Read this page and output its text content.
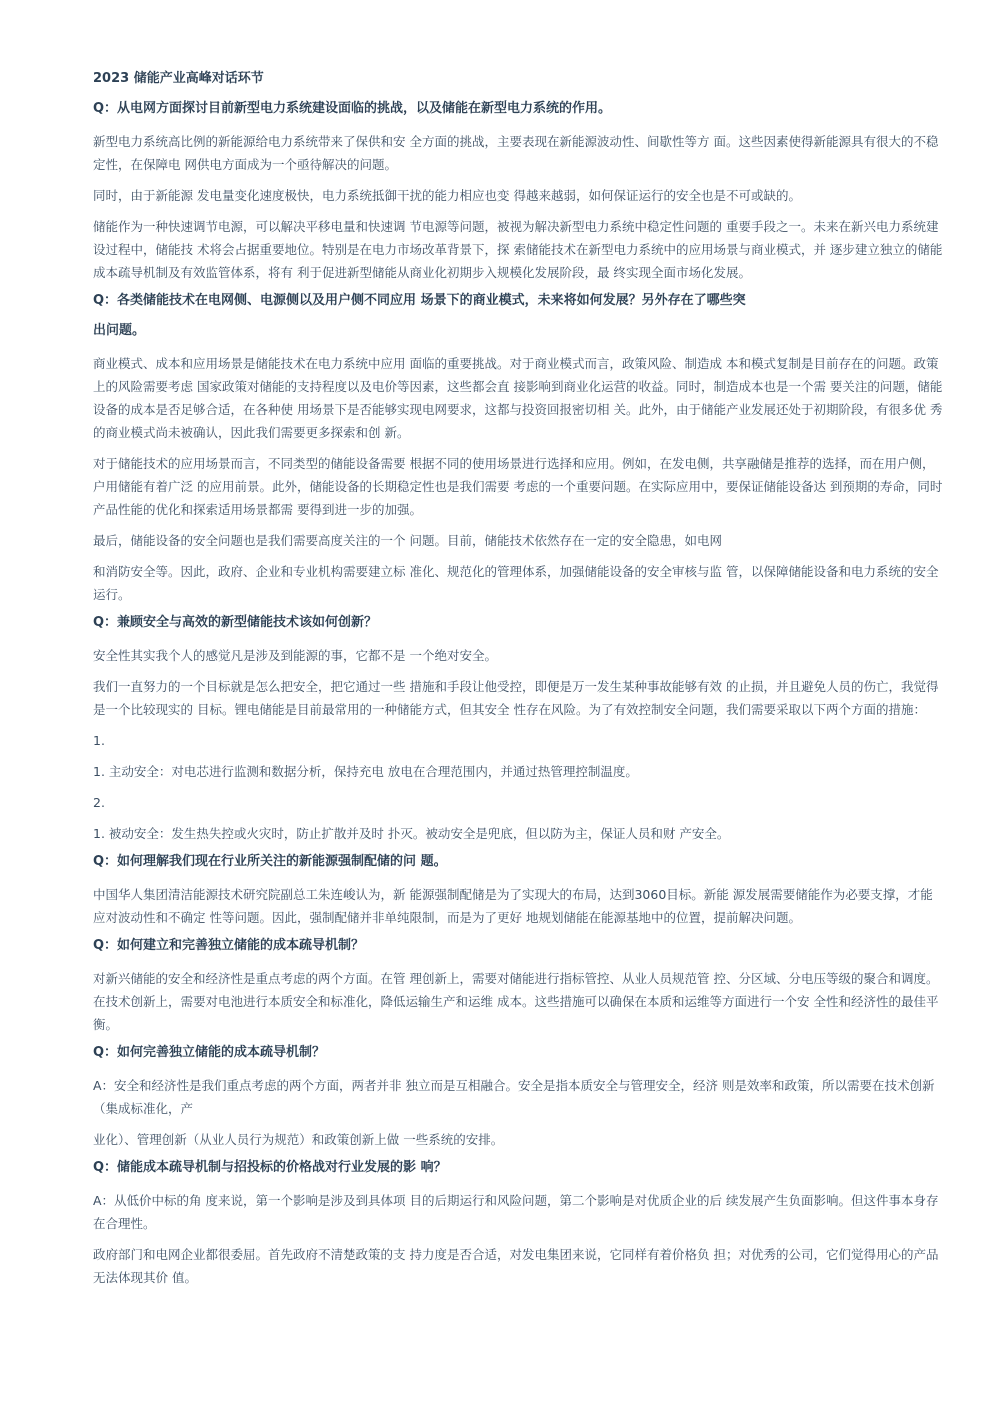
2023 储能产业高峰对话环节
Q：从电网方面探讨目前新型电力系统建设面临的挑战，以及储能在新型电力系统的作用。
新型电力系统高比例的新能源给电力系统带来了保供和安 全方面的挑战，主要表现在新能源波动性、间歇性等方 面。这些因素使得新能源具有很大的不稳定性，在保障电 网供电方面成为一个亟待解决的问题。
同时，由于新能源 发电量变化速度极快，电力系统抵御干扰的能力相应也变 得越来越弱，如何保证运行的安全也是不可或缺的。
储能作为一种快速调节电源，可以解决平移电量和快速调 节电源等问题，被视为解决新型电力系统中稳定性问题的 重要手段之一。未来在新兴电力系统建设过程中，储能技 术将会占据重要地位。特别是在电力市场改革背景下，探 索储能技术在新型电力系统中的应用场景与商业模式，并 逐步建立独立的储能成本疏导机制及有效监管体系，将有 利于促进新型储能从商业化初期步入规模化发展阶段，最 终实现全面市场化发展。
Q：各类储能技术在电网侧、电源侧以及用户侧不同应用 场景下的商业模式，未来将如何发展？另外存在了哪些突
出问题。
商业模式、成本和应用场景是储能技术在电力系统中应用 面临的重要挑战。对于商业模式而言，政策风险、制造成 本和模式复制是目前存在的问题。政策上的风险需要考虑 国家政策对储能的支持程度以及电价等因素，这些都会直 接影响到商业化运营的收益。同时，制造成本也是一个需 要关注的问题，储能设备的成本是否足够合适，在各种使 用场景下是否能够实现电网要求，这都与投资回报密切相 关。此外，由于储能产业发展还处于初期阶段，有很多优 秀的商业模式尚未被确认，因此我们需要更多探索和创 新。
对于储能技术的应用场景而言，不同类型的储能设备需要 根据不同的使用场景进行选择和应用。例如，在发电侧，共享融储是推荐的选择，而在用户侧，户用储能有着广泛 的应用前景。此外，储能设备的长期稳定性也是我们需要 考虑的一个重要问题。在实际应用中，要保证储能设备达 到预期的寿命，同时产品性能的优化和探索适用场景都需 要得到进一步的加强。
最后，储能设备的安全问题也是我们需要高度关注的一个 问题。目前，储能技术依然存在一定的安全隐患，如电网
和消防安全等。因此，政府、企业和专业机构需要建立标 准化、规范化的管理体系，加强储能设备的安全审核与监 管，以保障储能设备和电力系统的安全运行。
Q：兼顾安全与高效的新型储能技术该如何创新？
安全性其实我个人的感觉凡是涉及到能源的事，它都不是 一个绝对安全。
我们一直努力的一个目标就是怎么把安全，把它通过一些 措施和手段让他受控，即便是万一发生某种事故能够有效 的止损，并且避免人员的伤亡，我觉得是一个比较现实的 目标。锂电储能是目前最常用的一种储能方式，但其安全 性存在风险。为了有效控制安全问题，我们需要采取以下两个方面的措施：
1.
1. 主动安全：对电芯进行监测和数据分析，保持充电 放电在合理范围内，并通过热管理控制温度。
2.
1. 被动安全：发生热失控或火灾时，防止扩散并及时 扑灭。被动安全是兜底，但以防为主，保证人员和财 产安全。
Q：如何理解我们现在行业所关注的新能源强制配储的问 题。
中国华人集团清洁能源技术研究院副总工朱连峻认为，新 能源强制配储是为了实现大的布局，达到3060目标。新能 源发展需要储能作为必要支撑，才能应对波动性和不确定 性等问题。因此，强制配储并非单纯限制，而是为了更好 地规划储能在能源基地中的位置，提前解决问题。
Q：如何建立和完善独立储能的成本疏导机制？
对新兴储能的安全和经济性是重点考虑的两个方面。在管 理创新上，需要对储能进行指标管控、从业人员规范管 控、分区域、分电压等级的聚合和调度。在技术创新上，需要对电池进行本质安全和标准化，降低运输生产和运维 成本。这些措施可以确保在本质和运维等方面进行一个安 全性和经济性的最佳平衡。
Q：如何完善独立储能的成本疏导机制？
A：安全和经济性是我们重点考虑的两个方面，两者并非 独立而是互相融合。安全是指本质安全与管理安全，经济 则是效率和政策，所以需要在技术创新（集成标准化，产
业化）、管理创新（从业人员行为规范）和政策创新上做 一些系统的安排。
Q：储能成本疏导机制与招投标的价格战对行业发展的影 响？
A：从低价中标的角 度来说，第一个影响是涉及到具体项 目的后期运行和风险问题，第二个影响是对优质企业的后 续发展产生负面影响。但这件事本身存在合理性。
政府部门和电网企业都很委屈。首先政府不清楚政策的支 持力度是否合适，对发电集团来说，它同样有着价格负 担；对优秀的公司，它们觉得用心的产品无法体现其价 值。
